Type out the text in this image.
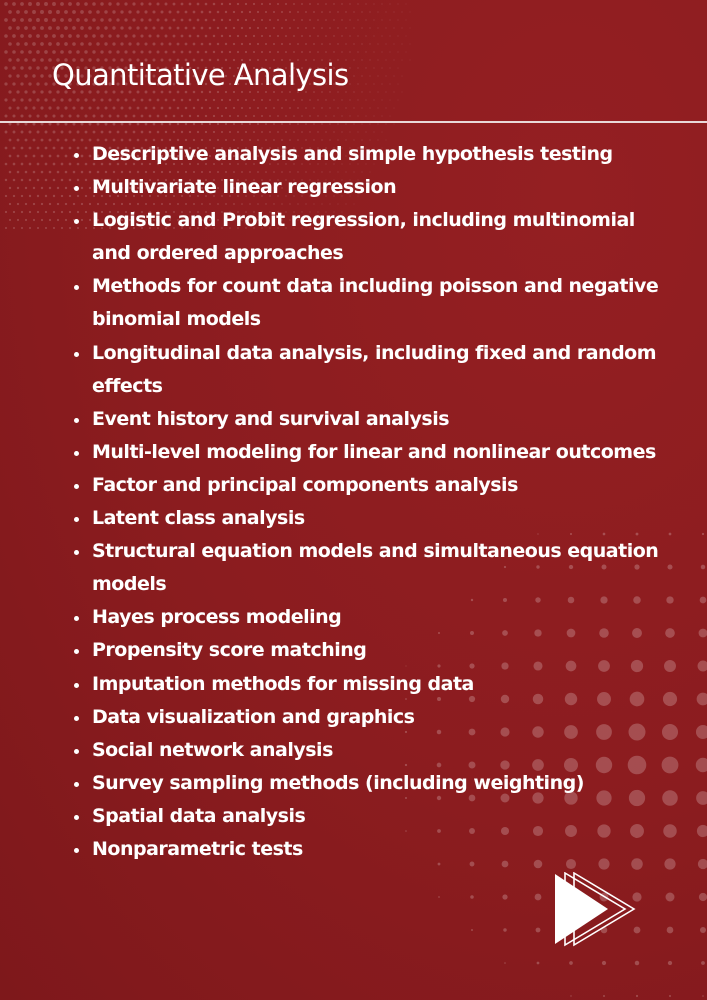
Quantitative Analysis
Descriptive analysis and simple hypothesis testing
Multivariate linear regression
Logistic and Probit regression, including multinomial and ordered approaches
Methods for count data including poisson and negative binomial models
Longitudinal data analysis, including fixed and random effects
Event history and survival analysis
Multi-level modeling for linear and nonlinear outcomes
Factor and principal components analysis
Latent class analysis
Structural equation models and simultaneous equation models
Hayes process modeling
Propensity score matching
Imputation methods for missing data
Data visualization and graphics
Social network analysis
Survey sampling methods (including weighting)
Spatial data analysis
Nonparametric tests
